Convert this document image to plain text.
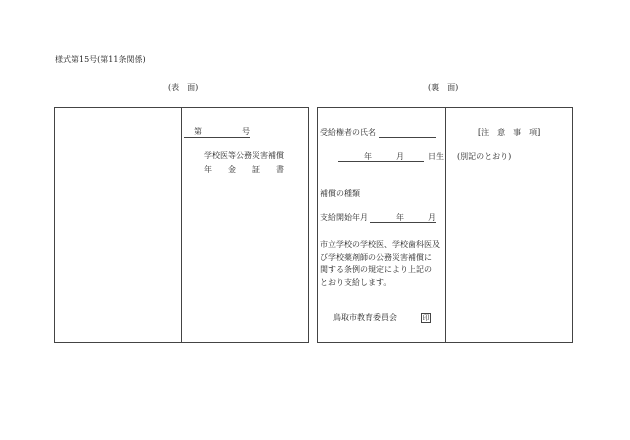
様式第15号(第11条関係)
(表　面)	(裏　面)
第　　　　　号
学校医等公務災害補償
年　　金　　証　　書
受給権者の氏名
年　　　月　　　日生
補償の種類
支給開始年月	年	月
市立学校の学校医、学校歯科医及
び学校薬剤師の公務災害補償に
関する条例の規定により上記の
とおり支給します。
鳥取市教育委員会	印
[注　意　事　項]
(別記のとおり)
